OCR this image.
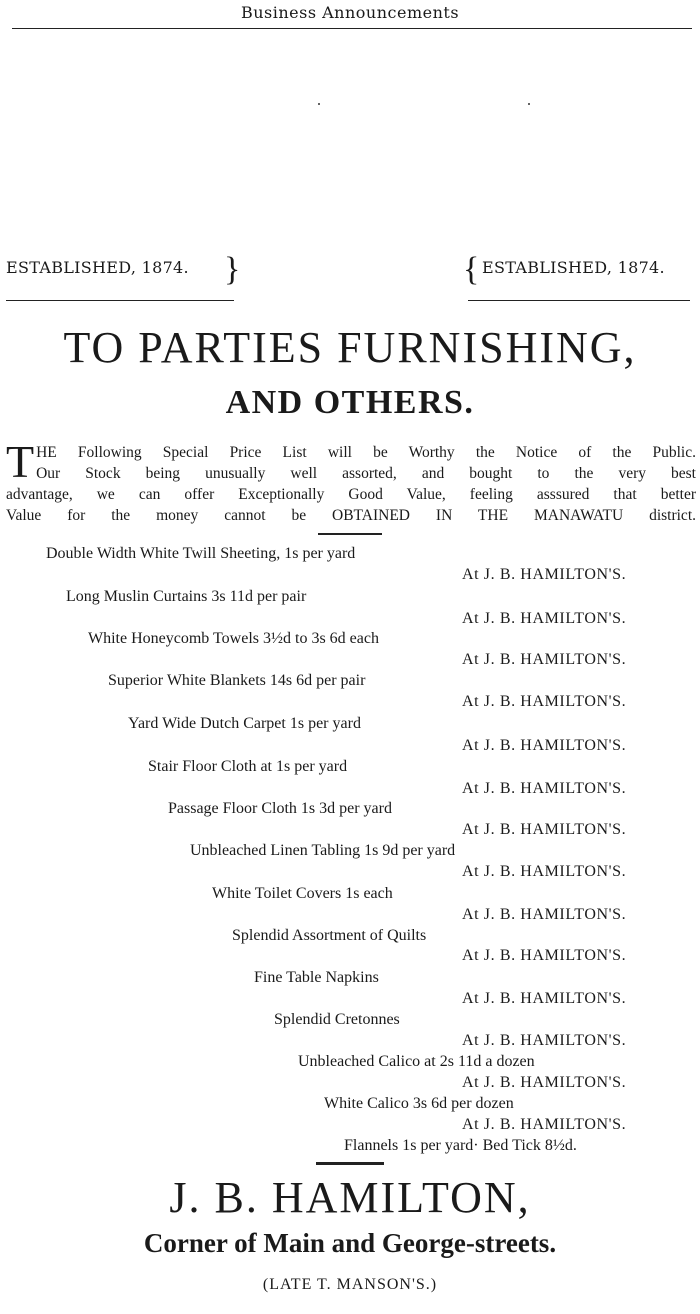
Business Announcements
ESTABLISHED, 1874. }	{ ESTABLISHED, 1874.
TO PARTIES FURNISHING,
AND OTHERS.
T HE Following Special Price List will be Worthy the Notice of the Public.

Our Stock being unusually well assorted, and bought to the very best

advantage, we can offer Exceptionally Good Value, feeling asssured that better

Value for the money cannot be OBTAINED IN THE MANAWATU district.

Double Width White Twill Sheeting, 1s per yard
At J. B. HAMILTON'S.
Long Muslin Curtains 3s 11d per pair
At J. B. HAMILTON'S.
White Honeycomb Towels 3½d to 3s 6d each
At J. B. HAMILTON'S.
Superior White Blankets 14s 6d per pair
At J. B. HAMILTON'S.
Yard Wide Dutch Carpet 1s per yard
At J. B. HAMILTON'S.
Stair Floor Cloth at 1s per yard
At J. B. HAMILTON'S.
Passage Floor Cloth 1s 3d per yard
At J. B. HAMILTON'S.
Unbleached Linen Tabling 1s 9d per yard
At J. B. HAMILTON'S.
White Toilet Covers 1s each
At J. B. HAMILTON'S.
Splendid Assortment of Quilts
At J. B. HAMILTON'S.
Fine Table Napkins
At J. B. HAMILTON'S.
Splendid Cretonnes
At J. B. HAMILTON'S.
Unbleached Calico at 2s 11d a dozen
At J. B. HAMILTON'S.
White Calico 3s 6d per dozen
At J. B. HAMILTON'S.
Flannels 1s per yard· Bed Tick 8½d.
J. B. HAMILTON,
Corner of Main and George-streets.
(LATE T. MANSON'S.)
